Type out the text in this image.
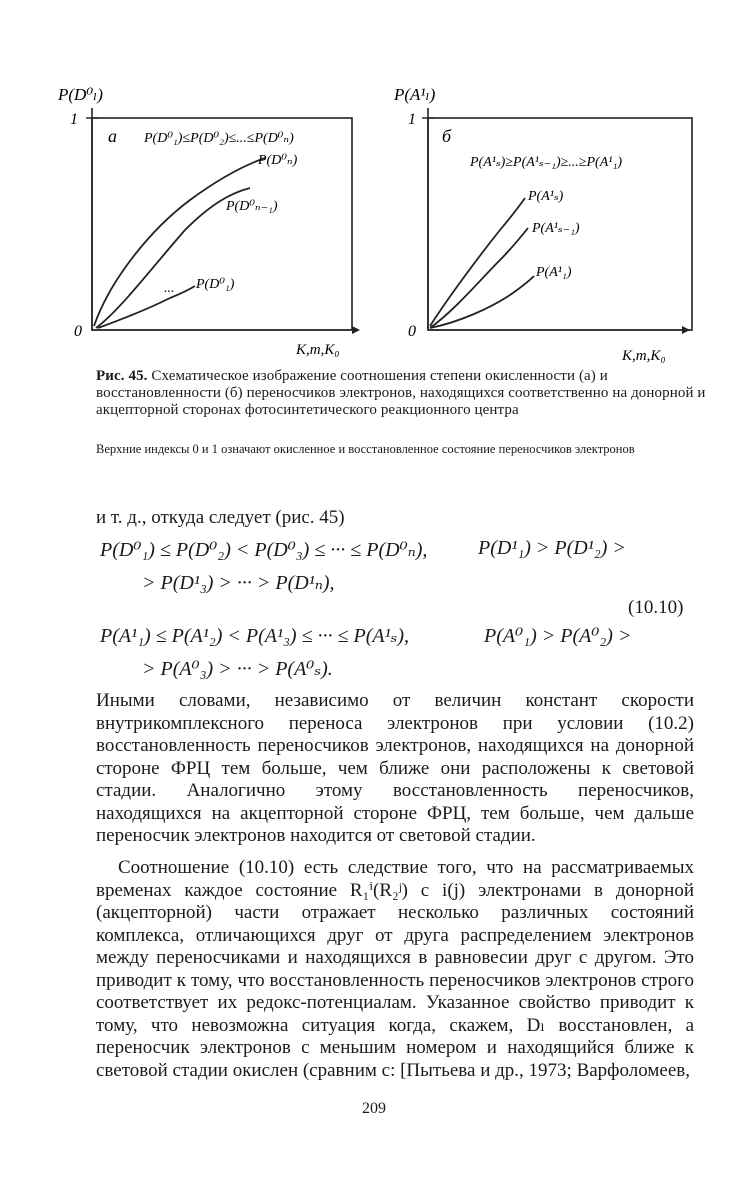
P(D⁰ₗ)
1
0
K,m,K₀
а P(D⁰₁)≤P(D⁰₂)≤...≤P(D⁰ₙ)
P(D⁰ₙ)
P(D⁰ₙ₋₁)
... P(D⁰₁)
P(A¹ₗ)
1
0
K,m,K₀
б
P(A¹ₛ)≥P(A¹ₛ₋₁)≥...≥P(A¹₁)
P(A¹ₛ)
P(A¹ₛ₋₁)
P(A¹₁)
Рис. 45. Схематическое изображение соотношения степени окисленности (а) и восстановленности (б) переносчиков электронов, находящихся соответственно на донорной и акцепторной сторонах фотосинтетического реакционного центра
Верхние индексы 0 и 1 означают окисленное и восстановленное состояние переносчиков электронов
и т. д., откуда следует (рис. 45)
P(D⁰₁) ≤ P(D⁰₂) < P(D⁰₃) ≤ ··· ≤ P(D⁰ₙ),	P(D¹₁) > P(D¹₂) >
> P(D¹₃) > ··· > P(D¹ₙ),
(10.10)
P(A¹₁) ≤ P(A¹₂) < P(A¹₃) ≤ ··· ≤ P(A¹ₛ),	P(A⁰₁) > P(A⁰₂) >
> P(A⁰₃) > ··· > P(A⁰ₛ).
Иными словами, независимо от величин констант скорости внутрикомплексного переноса электронов при условии (10.2) восстановленность переносчиков электронов, находящихся на донорной стороне ФРЦ тем больше, чем ближе они расположены к световой стадии. Аналогично этому восстановленность переносчиков, находящихся на акцепторной стороне ФРЦ, тем больше, чем дальше переносчик электронов находится от световой стадии.
Соотношение (10.10) есть следствие того, что на рассматриваемых временах каждое состояние R₁ⁱ(R₂ʲ) с i(j) электронами в донорной (акцепторной) части отражает несколько различных состояний комплекса, отличающихся друг от друга распределением электронов между переносчиками и находящихся в равновесии друг с другом. Это приводит к тому, что восстановленность переносчиков электронов строго соответствует их редокс-потенциалам. Указанное свойство приводит к тому, что невозможна ситуация когда, скажем, Dₗ восстановлен, а переносчик электронов с меньшим номером и находящийся ближе к световой стадии окислен (сравним с: [Пытьева и др., 1973; Варфоломеев,
209
